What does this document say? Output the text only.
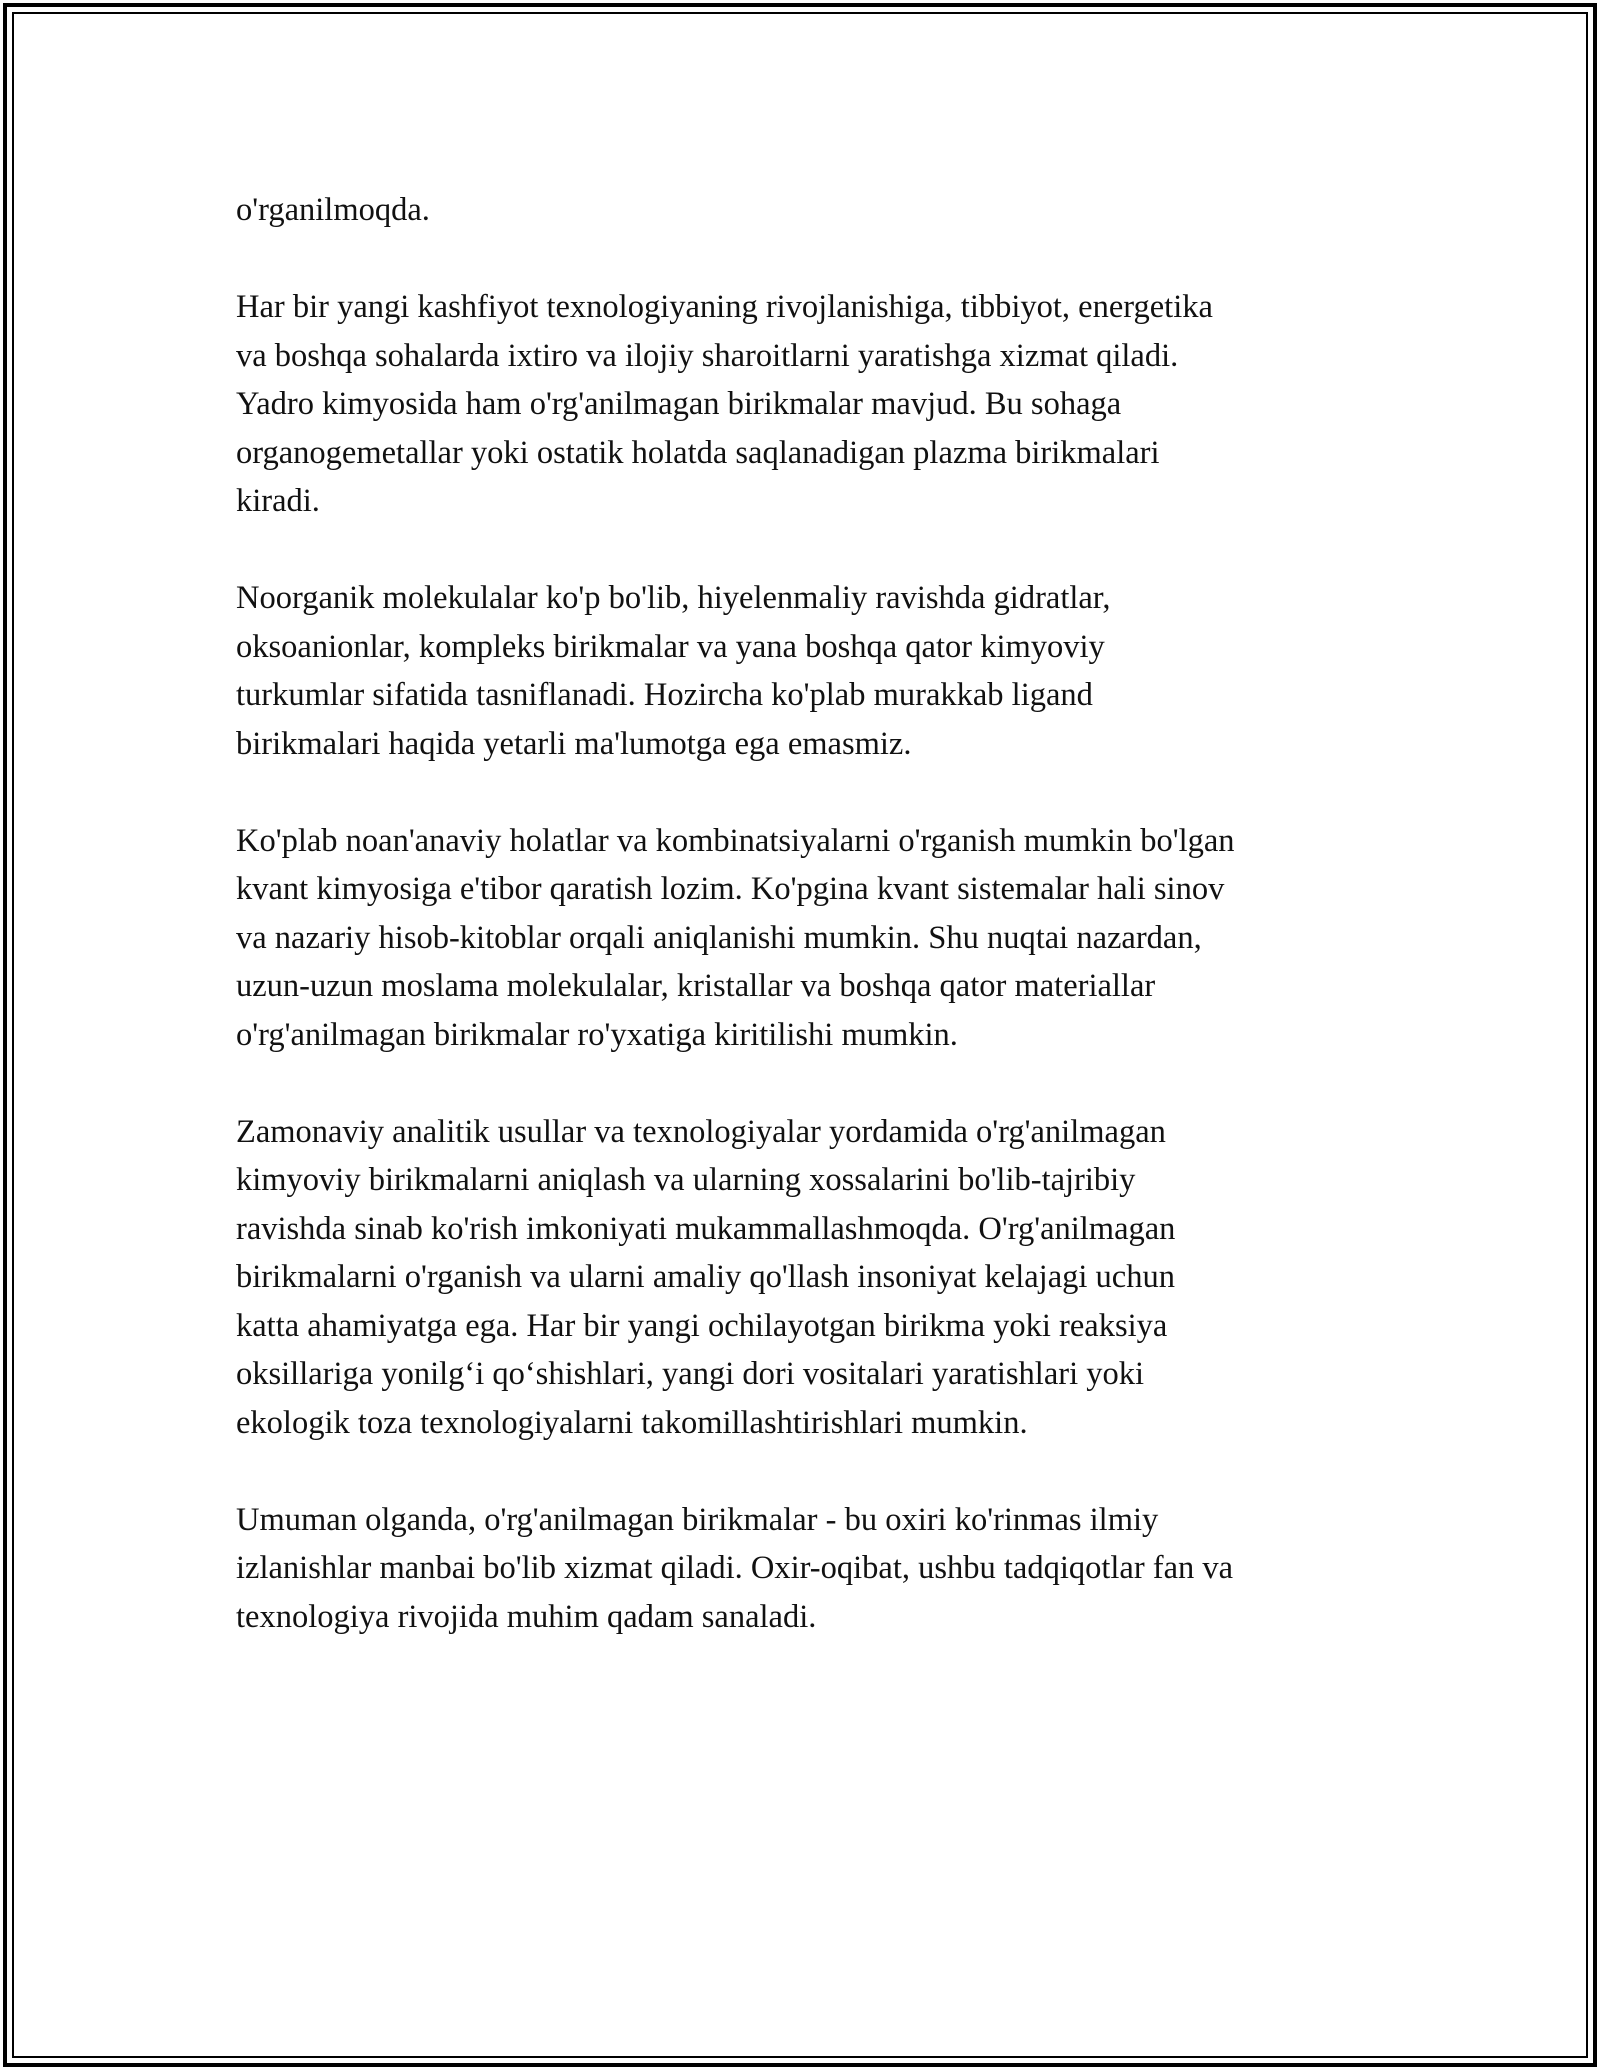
o'rganilmoqda.

Har bir yangi kashfiyot texnologiyaning rivojlanishiga, tibbiyot, energetika
va boshqa sohalarda ixtiro va ilojiy sharoitlarni yaratishga xizmat qiladi.
Yadro kimyosida ham o'rg'anilmagan birikmalar mavjud. Bu sohaga
organogemetallar yoki ostatik holatda saqlanadigan plazma birikmalari
kiradi.

Noorganik molekulalar ko'p bo'lib, hiyelenmaliy ravishda gidratlar,
oksoanionlar, kompleks birikmalar va yana boshqa qator kimyoviy
turkumlar sifatida tasniflanadi. Hozircha ko'plab murakkab ligand
birikmalari haqida yetarli ma'lumotga ega emasmiz.

Ko'plab noan'anaviy holatlar va kombinatsiyalarni o'rganish mumkin bo'lgan
kvant kimyosiga e'tibor qaratish lozim. Ko'pgina kvant sistemalar hali sinov
va nazariy hisob-kitoblar orqali aniqlanishi mumkin. Shu nuqtai nazardan,
uzun-uzun moslama molekulalar, kristallar va boshqa qator materiallar
o'rg'anilmagan birikmalar ro'yxatiga kiritilishi mumkin.

Zamonaviy analitik usullar va texnologiyalar yordamida o'rg'anilmagan
kimyoviy birikmalarni aniqlash va ularning xossalarini bo'lib-tajribiy
ravishda sinab ko'rish imkoniyati mukammallashmoqda. O'rg'anilmagan
birikmalarni o'rganish va ularni amaliy qo'llash insoniyat kelajagi uchun
katta ahamiyatga ega. Har bir yangi ochilayotgan birikma yoki reaksiya
oksillariga yonilg‘i qo‘shishlari, yangi dori vositalari yaratishlari yoki
ekologik toza texnologiyalarni takomillashtirishlari mumkin.

Umuman olganda, o'rg'anilmagan birikmalar - bu oxiri ko'rinmas ilmiy
izlanishlar manbai bo'lib xizmat qiladi. Oxir-oqibat, ushbu tadqiqotlar fan va
texnologiya rivojida muhim qadam sanaladi.
